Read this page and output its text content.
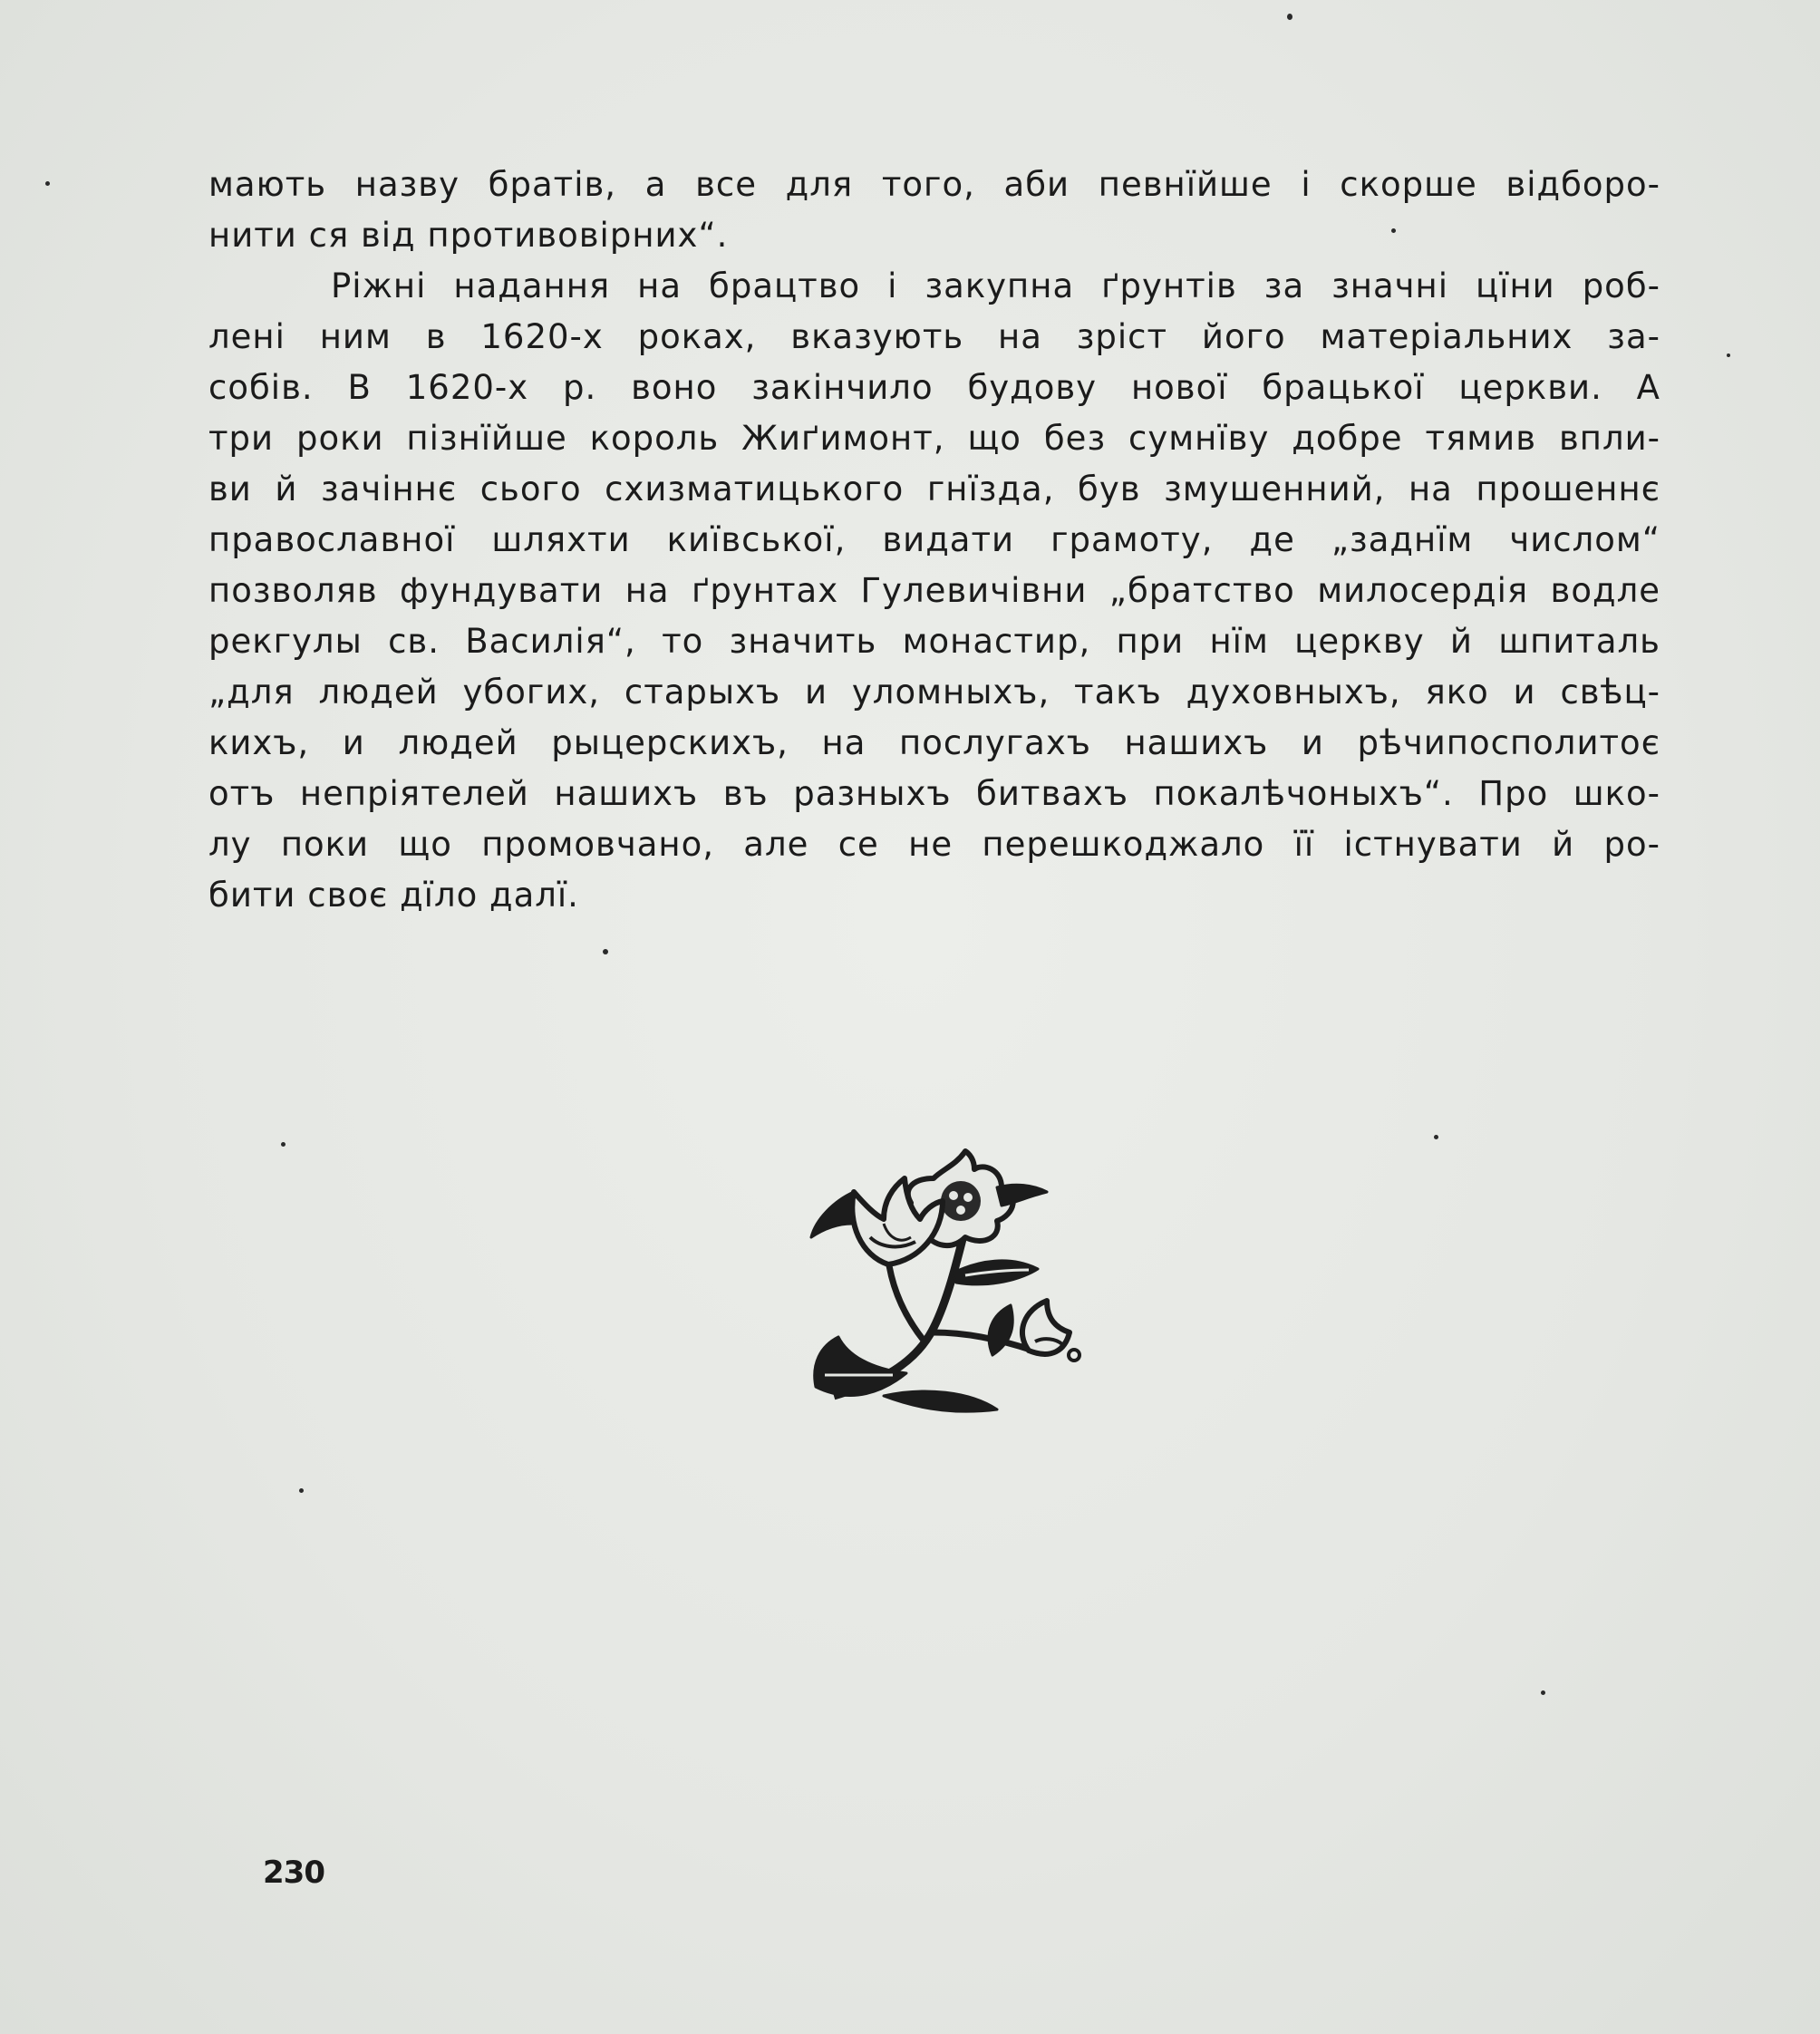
мають назву братів, а все для того, аби певнїйше і скорше відборо-
нити ся від противовірних“.
Ріжні надання на брацтво і закупна ґрунтів за значні цїни роб-
лені ним в 1620-х роках, вказують на зріст його матеріальних за-
собів. В 1620-х р. воно закінчило будову нової брацької церкви. А
три роки пізнїйше король Жиґимонт, що без сумнїву добре тямив впли-
ви й зачіннє сього схизматицького гнїзда, був змушенний, на прошеннє
православної шляхти київської, видати грамоту, де „заднїм числом“
позволяв фундувати на ґрунтах Гулевичівни „братство милосердія водле
рекгулы св. Василія“, то значить монастир, при нїм церкву й шпиталь
„для людей убогих, старыхъ и уломныхъ, такъ духовныхъ, яко и свѣц-
кихъ, и людей рыцерскихъ, на послугахъ нашихъ и рѣчипосполитоє
отъ непріятелей нашихъ въ разныхъ битвахъ покалѣчоныхъ“. Про шко-
лу поки що промовчано, але се не перешкоджало її істнувати й ро-
бити своє дїло далї.
230
